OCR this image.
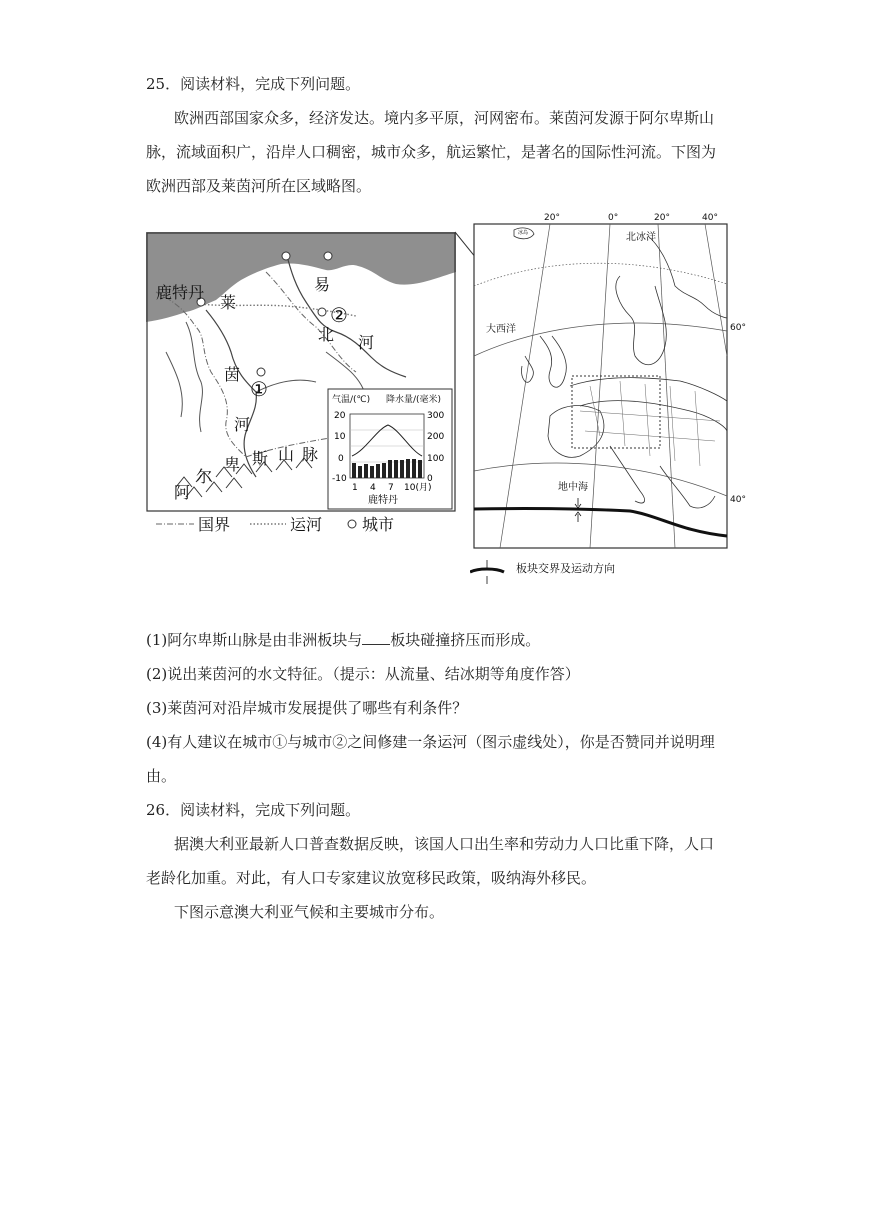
25．阅读材料，完成下列问题。
欧洲西部国家众多，经济发达。境内多平原，河网密布。莱茵河发源于阿尔卑斯山
脉，流域面积广，沿岸人口稠密，城市众多，航运繁忙，是著名的国际性河流。下图为
欧洲西部及莱茵河所在区域略图。
鹿特丹
莱
茵
河
易
北 河
阿
尔
卑 斯 山 脉
①
②
气温/(℃) 降水量/(毫米)
20
10
0
-10
300
200
100
0
1 4 7 10(月)
鹿特丹
国界	运河 城市
20°	0°	20°	40°
冰岛	北冰洋
大西洋
地中海
60°
40°
板块交界及运动方向
(1)阿尔卑斯山脉是由非洲板块与 板块碰撞挤压而形成。
(2)说出莱茵河的水文特征。（提示：从流量、结冰期等角度作答）
(3)莱茵河对沿岸城市发展提供了哪些有利条件？
(4)有人建议在城市①与城市②之间修建一条运河（图示虚线处），你是否赞同并说明理
由。
26．阅读材料，完成下列问题。
据澳大利亚最新人口普查数据反映，该国人口出生率和劳动力人口比重下降，人口
老龄化加重。对此，有人口专家建议放宽移民政策，吸纳海外移民。
下图示意澳大利亚气候和主要城市分布。
